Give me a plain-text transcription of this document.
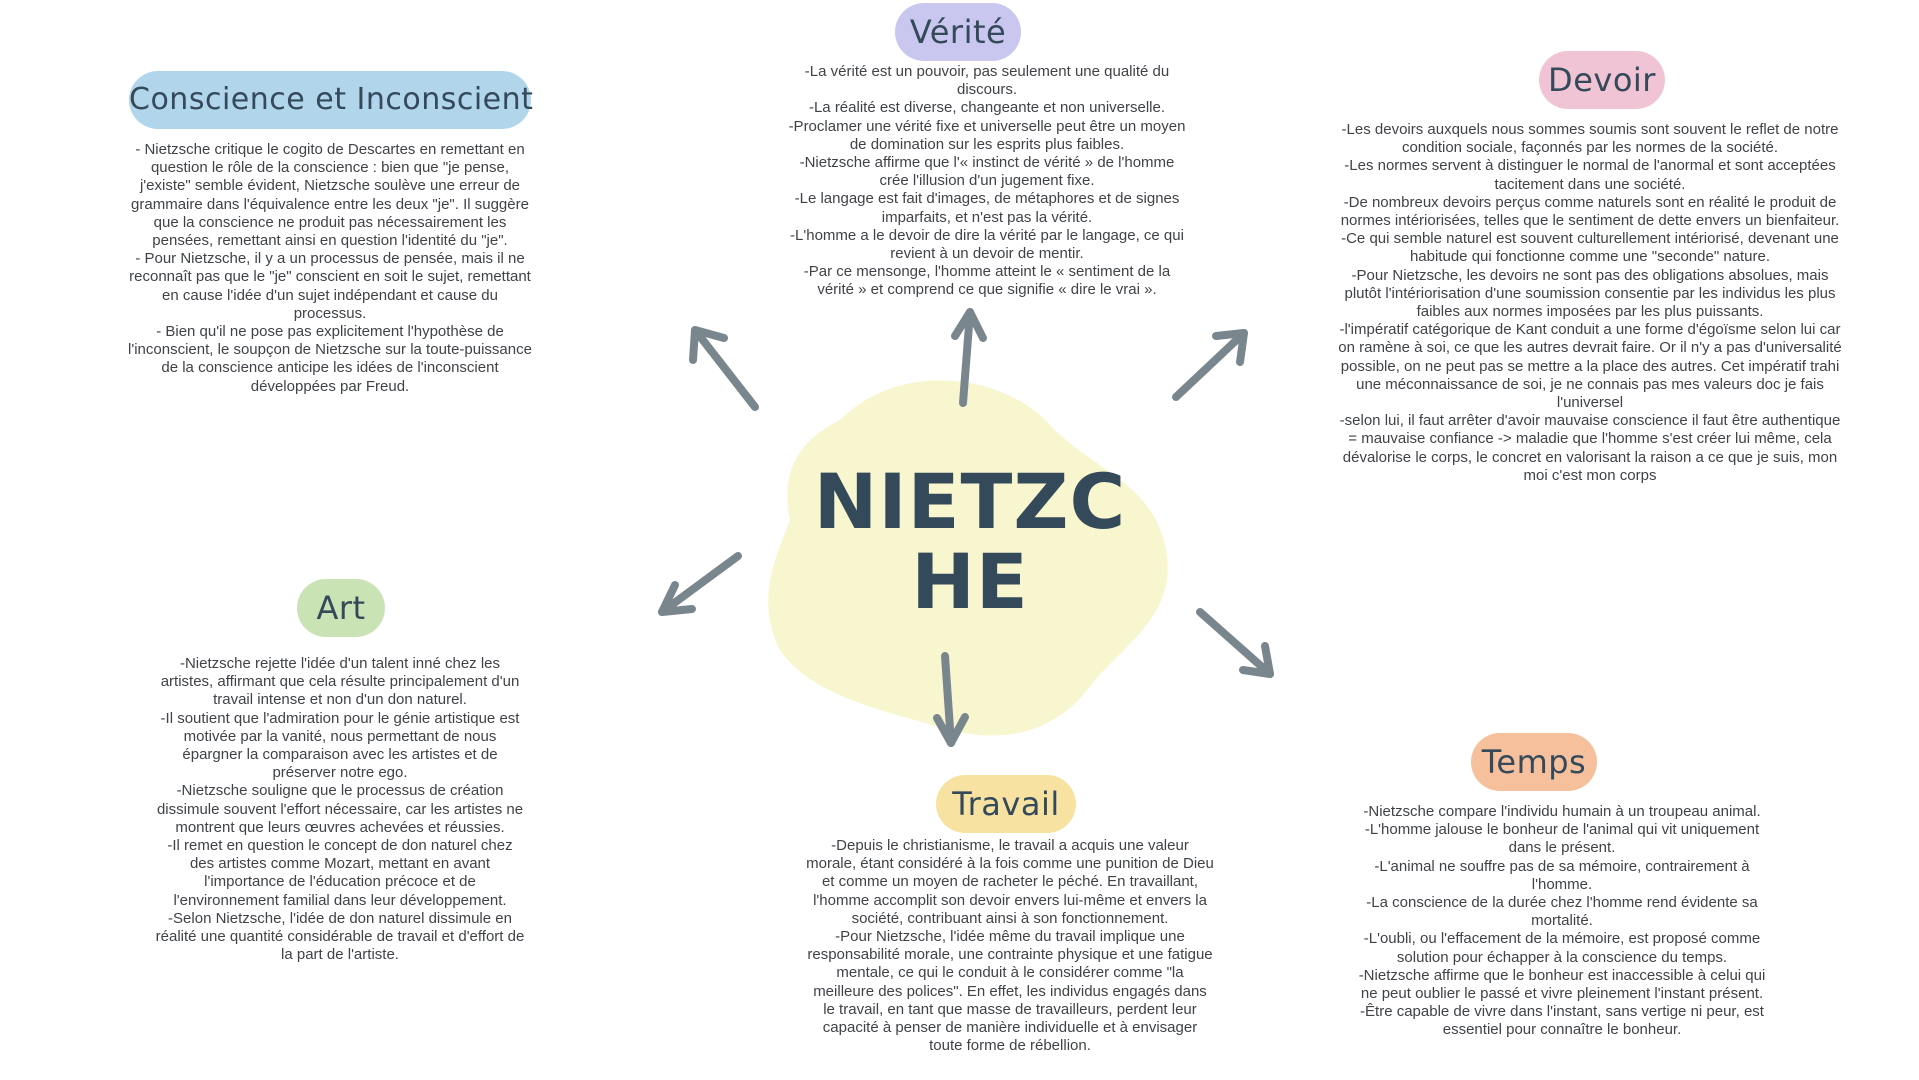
NIETZC
HE
Conscience et Inconscient

- Nietzsche critique le cogito de Descartes en remettant en

question le rôle de la conscience : bien que "je pense,

j'existe" semble évident, Nietzsche soulève une erreur de

grammaire dans l'équivalence entre les deux "je". Il suggère

que la conscience ne produit pas nécessairement les

pensées, remettant ainsi en question l'identité du "je".

- Pour Nietzsche, il y a un processus de pensée, mais il ne

reconnaît pas que le "je" conscient en soit le sujet, remettant

en cause l'idée d'un sujet indépendant et cause du

processus.

- Bien qu'il ne pose pas explicitement l'hypothèse de

l'inconscient, le soupçon de Nietzsche sur la toute-puissance

de la conscience anticipe les idées de l'inconscient

développées par Freud.

Vérité

-La vérité est un pouvoir, pas seulement une qualité du

discours.

-La réalité est diverse, changeante et non universelle.

-Proclamer une vérité fixe et universelle peut être un moyen

de domination sur les esprits plus faibles.

-Nietzsche affirme que l'« instinct de vérité » de l'homme

crée l'illusion d'un jugement fixe.

-Le langage est fait d'images, de métaphores et de signes

imparfaits, et n'est pas la vérité.

-L'homme a le devoir de dire la vérité par le langage, ce qui

revient à un devoir de mentir.

-Par ce mensonge, l'homme atteint le « sentiment de la

vérité » et comprend ce que signifie « dire le vrai ».

Devoir

-Les devoirs auxquels nous sommes soumis sont souvent le reflet de notre

condition sociale, façonnés par les normes de la société.

-Les normes servent à distinguer le normal de l'anormal et sont acceptées

tacitement dans une société.

-De nombreux devoirs perçus comme naturels sont en réalité le produit de

normes intériorisées, telles que le sentiment de dette envers un bienfaiteur.

-Ce qui semble naturel est souvent culturellement intériorisé, devenant une

habitude qui fonctionne comme une "seconde" nature.

-Pour Nietzsche, les devoirs ne sont pas des obligations absolues, mais

plutôt l'intériorisation d'une soumission consentie par les individus les plus

faibles aux normes imposées par les plus puissants.

-l'impératif catégorique de Kant conduit a une forme d'égoïsme selon lui car

on ramène à soi, ce que les autres devrait faire. Or il n'y a pas d'universalité

possible, on ne peut pas se mettre a la place des autres. Cet impératif trahi

une méconnaissance de soi, je ne connais pas mes valeurs doc je fais

l'universel

-selon lui, il faut arrêter d'avoir mauvaise conscience il faut être authentique

= mauvaise confiance -> maladie que l'homme s'est créer lui même, cela

dévalorise le corps, le concret en valorisant la raison a ce que je suis, mon

moi c'est mon corps

Art

-Nietzsche rejette l'idée d'un talent inné chez les

artistes, affirmant que cela résulte principalement d'un

travail intense et non d'un don naturel.

-Il soutient que l'admiration pour le génie artistique est

motivée par la vanité, nous permettant de nous

épargner la comparaison avec les artistes et de

préserver notre ego.

-Nietzsche souligne que le processus de création

dissimule souvent l'effort nécessaire, car les artistes ne

montrent que leurs œuvres achevées et réussies.

-Il remet en question le concept de don naturel chez

des artistes comme Mozart, mettant en avant

l'importance de l'éducation précoce et de

l'environnement familial dans leur développement.

-Selon Nietzsche, l'idée de don naturel dissimule en

réalité une quantité considérable de travail et d'effort de

la part de l'artiste.

Travail

-Depuis le christianisme, le travail a acquis une valeur

morale, étant considéré à la fois comme une punition de Dieu

et comme un moyen de racheter le péché. En travaillant,

l'homme accomplit son devoir envers lui-même et envers la

société, contribuant ainsi à son fonctionnement.

-Pour Nietzsche, l'idée même du travail implique une

responsabilité morale, une contrainte physique et une fatigue

mentale, ce qui le conduit à le considérer comme "la

meilleure des polices". En effet, les individus engagés dans

le travail, en tant que masse de travailleurs, perdent leur

capacité à penser de manière individuelle et à envisager

toute forme de rébellion.

Temps

-Nietzsche compare l'individu humain à un troupeau animal.

-L'homme jalouse le bonheur de l'animal qui vit uniquement

dans le présent.

-L'animal ne souffre pas de sa mémoire, contrairement à

l'homme.

-La conscience de la durée chez l'homme rend évidente sa

mortalité.

-L'oubli, ou l'effacement de la mémoire, est proposé comme

solution pour échapper à la conscience du temps.

-Nietzsche affirme que le bonheur est inaccessible à celui qui

ne peut oublier le passé et vivre pleinement l'instant présent.

-Être capable de vivre dans l'instant, sans vertige ni peur, est

essentiel pour connaître le bonheur.
